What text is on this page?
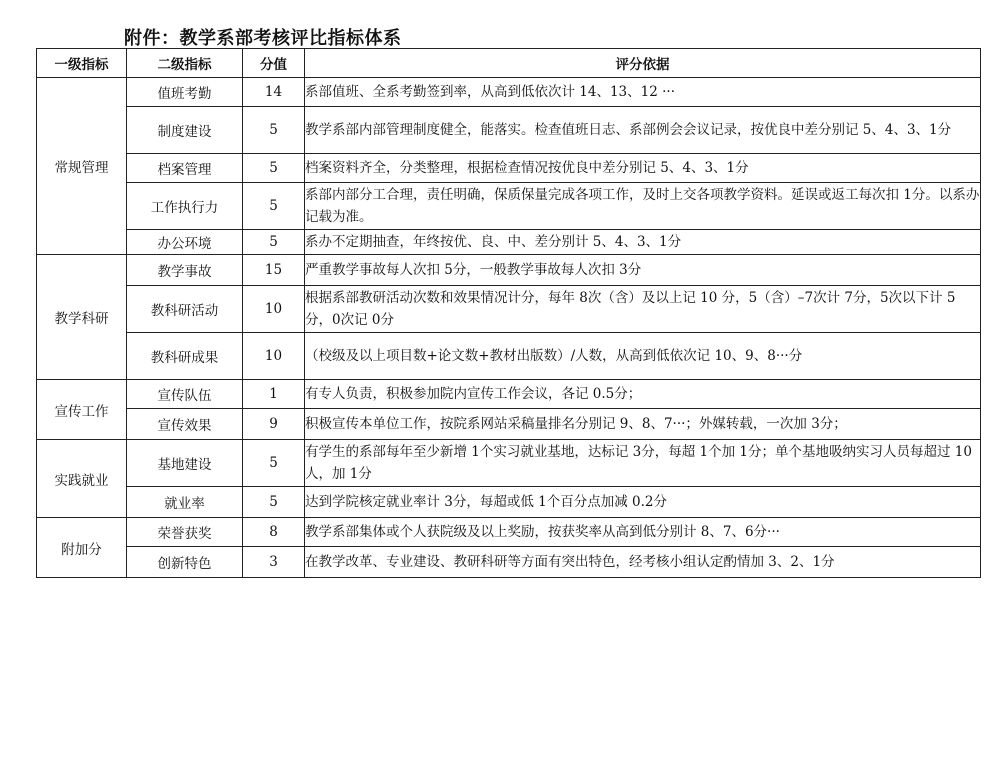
附件：教学系部考核评比指标体系
一级指标	二级指标	分值	评分依据
常规管理	值班考勤	14	系部值班、全系考勤签到率，从高到低依次计 14、13、12 ···
	制度建设	5	教学系部内部管理制度健全，能落实。检查值班日志、系部例会会议记录，按优良中差分别记 5、4、3、1分
	档案管理	5	档案资料齐全，分类整理，根据检查情况按优良中差分别记 5、4、3、1分
	工作执行力	5	系部内部分工合理，责任明确，保质保量完成各项工作，及时上交各项教学资料。延误或返工每次扣 1分。以系办记载为准。
	办公环境	5	系办不定期抽查，年终按优、良、中、差分别计 5、4、3、1分
教学科研	教学事故	15	严重教学事故每人次扣 5分，一般教学事故每人次扣 3分
	教科研活动	10	根据系部教研活动次数和效果情况计分，每年 8次（含）及以上记 10 分，5（含）–7次计 7分，5次以下计 5分，0次记 0分
	教科研成果	10	（校级及以上项目数+论文数+教材出版数）/人数，从高到低依次记 10、9、8···分
宣传工作	宣传队伍	1	有专人负责，积极参加院内宣传工作会议，各记 0.5分；
	宣传效果	9	积极宣传本单位工作，按院系网站采稿量排名分别记 9、8、7···；外媒转载，一次加 3分；
实践就业	基地建设	5	有学生的系部每年至少新增 1个实习就业基地，达标记 3分，每超 1个加 1分；单个基地吸纳实习人员每超过 10 人，加 1分
	就业率	5	达到学院核定就业率计 3分，每超或低 1个百分点加减 0.2分
附加分	荣誉获奖	8	教学系部集体或个人获院级及以上奖励，按获奖率从高到低分别计 8、7、6分···
	创新特色	3	在教学改革、专业建设、教研科研等方面有突出特色，经考核小组认定酌情加 3、2、1分
